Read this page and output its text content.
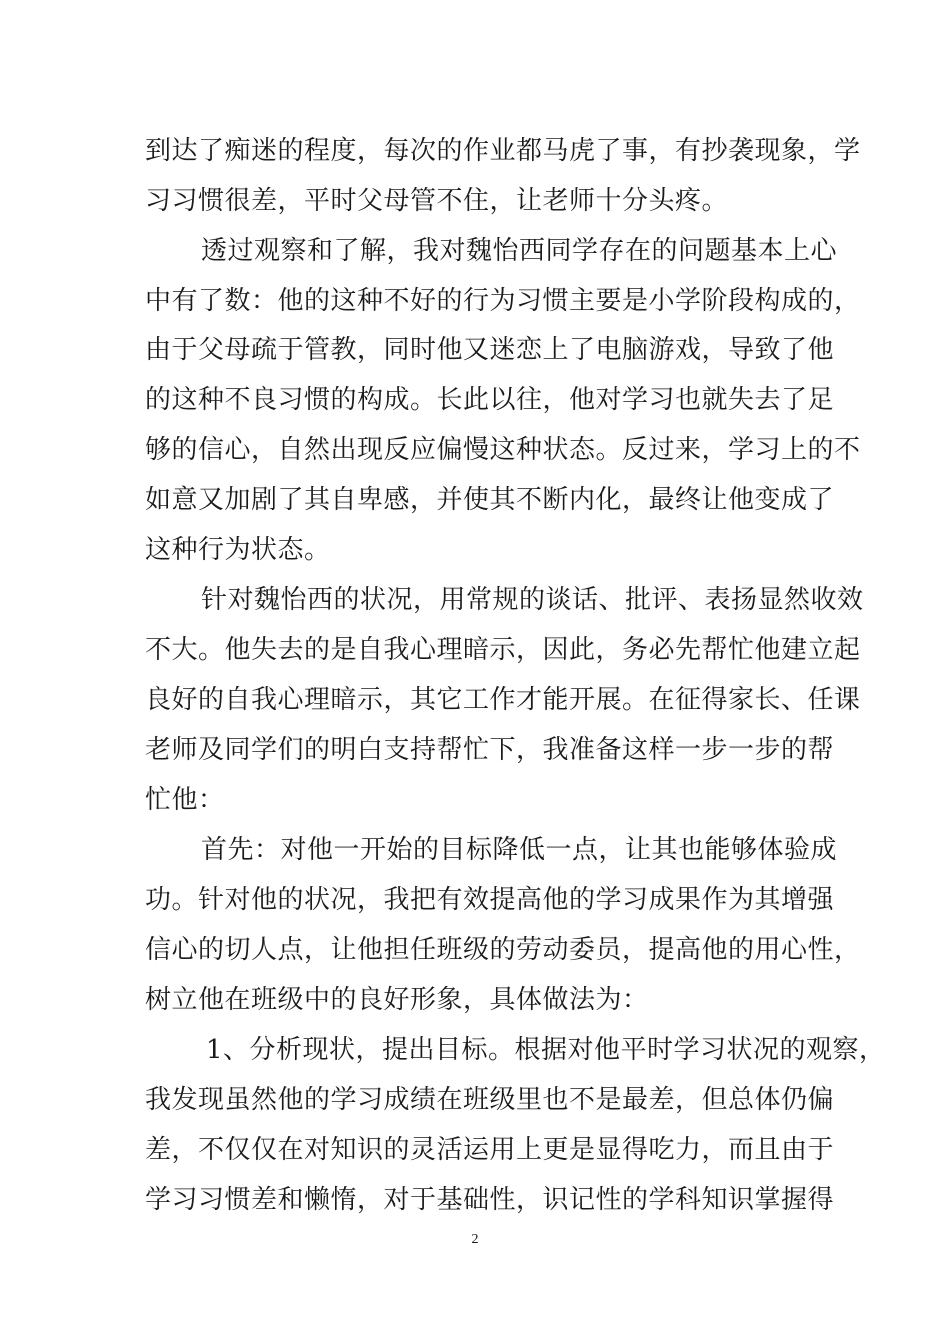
到达了痴迷的程度，每次的作业都马虎了事，有抄袭现象，学
习习惯很差，平时父母管不住，让老师十分头疼。
透过观察和了解，我对魏怡西同学存在的问题基本上心
中有了数：他的这种不好的行为习惯主要是小学阶段构成的，
由于父母疏于管教，同时他又迷恋上了电脑游戏，导致了他
的这种不良习惯的构成。长此以往，他对学习也就失去了足
够的信心，自然出现反应偏慢这种状态。反过来，学习上的不
如意又加剧了其自卑感，并使其不断内化，最终让他变成了
这种行为状态。
针对魏怡西的状况，用常规的谈话、批评、表扬显然收效
不大。他失去的是自我心理暗示，因此，务必先帮忙他建立起
良好的自我心理暗示，其它工作才能开展。在征得家长、任课
老师及同学们的明白支持帮忙下，我准备这样一步一步的帮
忙他：
首先：对他一开始的目标降低一点，让其也能够体验成
功。针对他的状况，我把有效提高他的学习成果作为其增强
信心的切人点，让他担任班级的劳动委员，提高他的用心性，
树立他在班级中的良好形象，具体做法为：
1、分析现状，提出目标。根据对他平时学习状况的观察，
我发现虽然他的学习成绩在班级里也不是最差，但总体仍偏
差，不仅仅在对知识的灵活运用上更是显得吃力，而且由于
学习习惯差和懒惰，对于基础性，识记性的学科知识掌握得
2
